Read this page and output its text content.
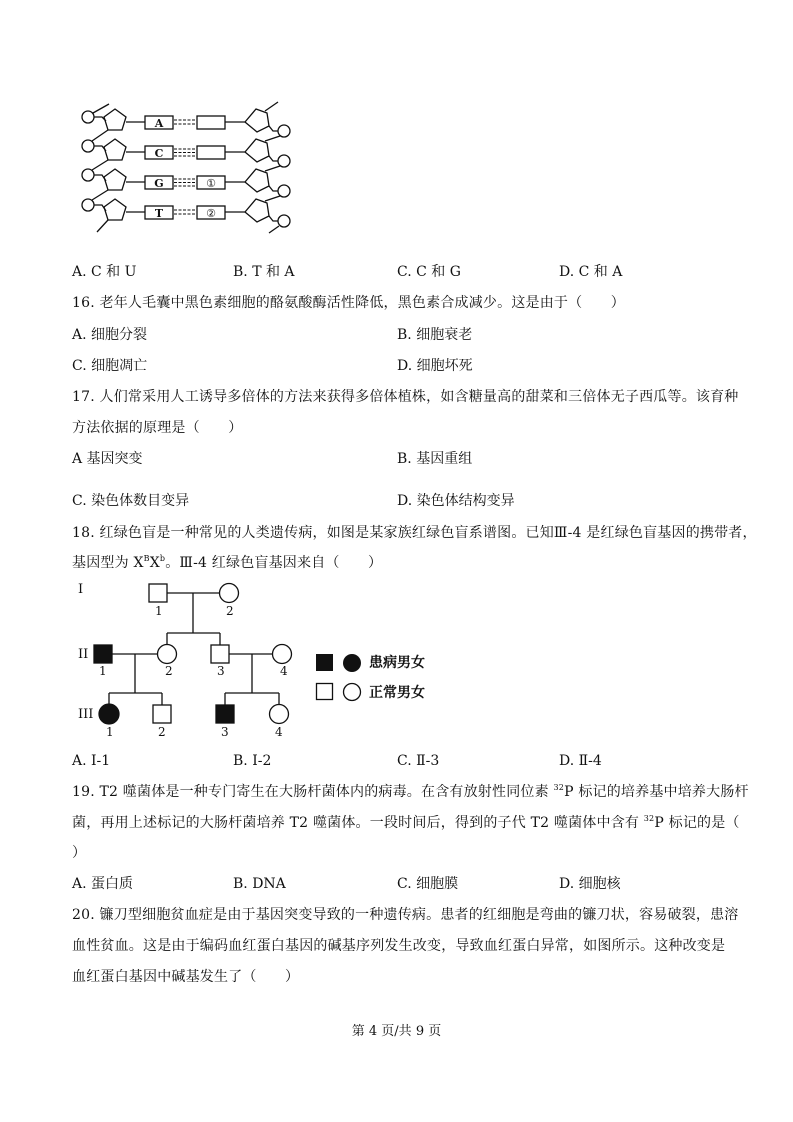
A
C
G
T
①
②
A. C 和 U	B. T 和 A	C. C 和 G	D. C 和 A
16. 老年人毛囊中黑色素细胞的酪氨酸酶活性降低，黑色素合成减少。这是由于（　　）
A. 细胞分裂	B. 细胞衰老
C. 细胞凋亡	D. 细胞坏死
17. 人们常采用人工诱导多倍体的方法来获得多倍体植株，如含糖量高的甜菜和三倍体无子西瓜等。该育种
方法依据的原理是（　　）
A 基因突变	B. 基因重组
C. 染色体数目变异	D. 染色体结构变异
18. 红绿色盲是一种常见的人类遗传病，如图是某家族红绿色盲系谱图。已知Ⅲ-4 是红绿色盲基因的携带者，
基因型为 $X^BX^b$。Ⅲ-4 红绿色盲基因来自（　　）
I
II
III
1	2
1	2	3	4
1	2	3	4
患病男女
正常男女
A. I-1	B. I-2	C. Ⅱ-3	D. Ⅱ-4
19. T2 噬菌体是一种专门寄生在大肠杆菌体内的病毒。在含有放射性同位素 $^{32}$P 标记的培养基中培养大肠杆
菌，再用上述标记的大肠杆菌培养 T2 噬菌体。一段时间后，得到的子代 T2 噬菌体中含有 $^{32}$P 标记的是（
）
A. 蛋白质	B. DNA	C. 细胞膜	D. 细胞核
20. 镰刀型细胞贫血症是由于基因突变导致的一种遗传病。患者的红细胞是弯曲的镰刀状，容易破裂，患溶
血性贫血。这是由于编码血红蛋白基因的碱基序列发生改变，导致血红蛋白异常，如图所示。这种改变是
血红蛋白基因中碱基发生了（　　）
第 4 页/共 9 页
